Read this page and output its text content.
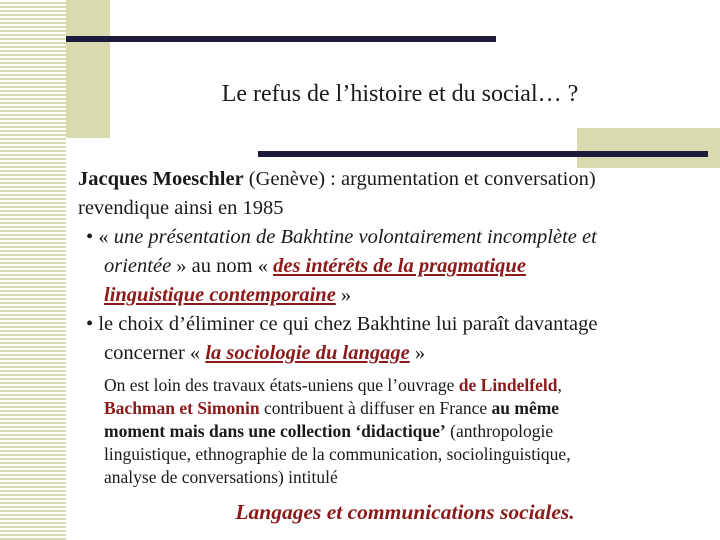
Le refus de l’histoire et du social… ?
Jacques Moeschler (Genève) : argumentation et conversation)
revendique ainsi en 1985
• « une présentation de Bakhtine volontairement incomplète et
orientée » au nom « des intérêts de la pragmatique
linguistique contemporaine »
• le choix d’éliminer ce qui chez Bakhtine lui paraît davantage
concerner « la sociologie du langage »
On est loin des travaux états-uniens que l’ouvrage de Lindelfeld,
Bachman et Simonin contribuent à diffuser en France au même
moment mais dans une collection ‘didactique’ (anthropologie
linguistique, ethnographie de la communication, sociolinguistique,
analyse de conversations) intitulé
Langages et communications sociales.
